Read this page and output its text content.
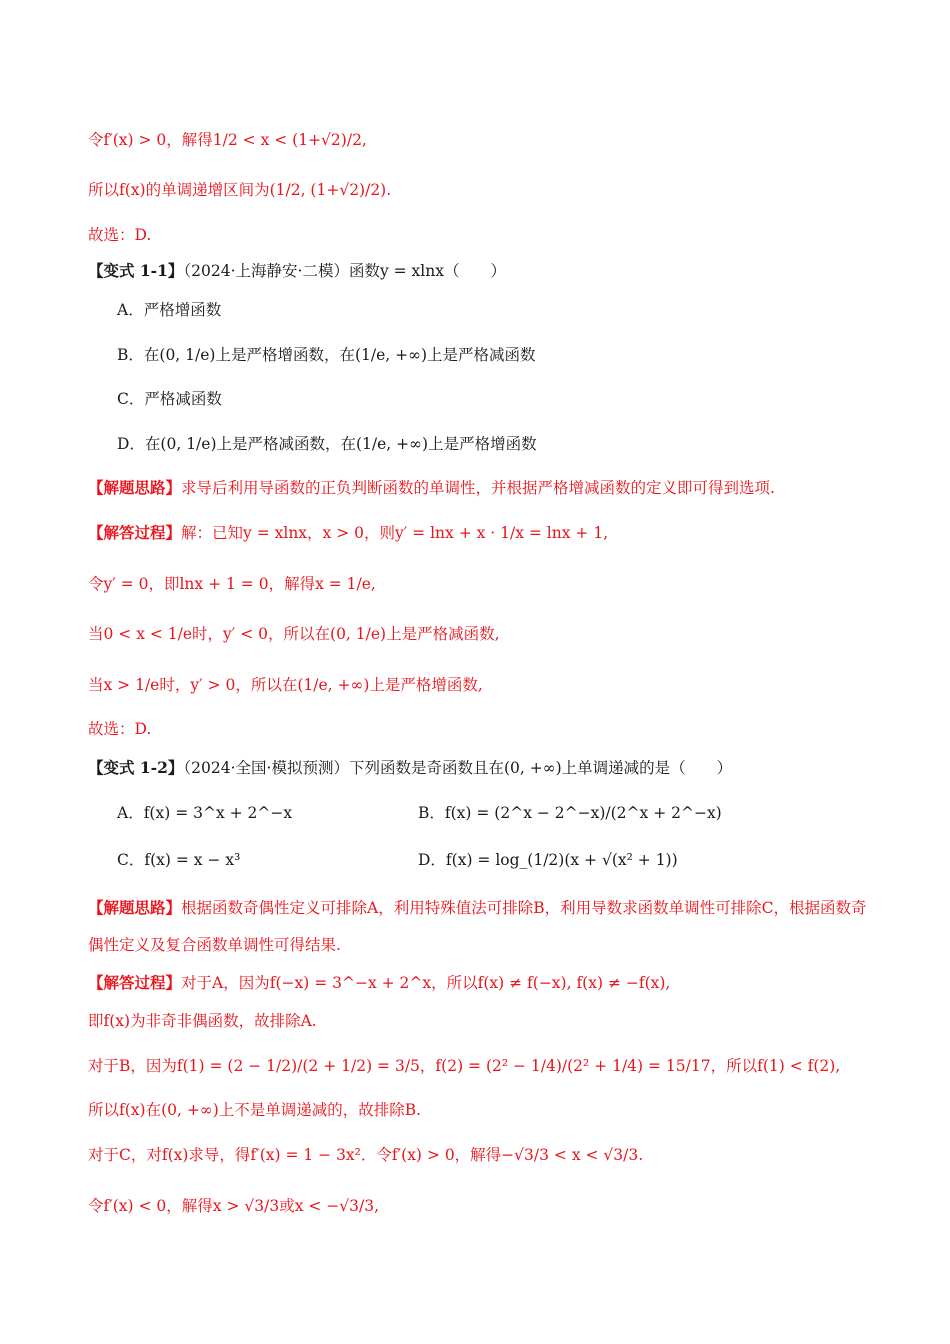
令f′(x) > 0，解得1/2 < x < (1+√2)/2,
所以f(x)的单调递增区间为(1/2, (1+√2)/2).
故选：D.
【变式 1-1】（2024·上海静安·二模）函数y = xlnx（　　）
A．严格增函数
B．在(0, 1/e)上是严格增函数，在(1/e, +∞)上是严格减函数
C．严格减函数
D．在(0, 1/e)上是严格减函数，在(1/e, +∞)上是严格增函数
【解题思路】求导后利用导函数的正负判断函数的单调性，并根据严格增减函数的定义即可得到选项.
【解答过程】解：已知y = xlnx，x > 0，则y′ = lnx + x · 1/x = lnx + 1,
令y′ = 0，即lnx + 1 = 0，解得x = 1/e,
当0 < x < 1/e时，y′ < 0，所以在(0, 1/e)上是严格减函数,
当x > 1/e时，y′ > 0，所以在(1/e, +∞)上是严格增函数,
故选：D.
【变式 1-2】（2024·全国·模拟预测）下列函数是奇函数且在(0, +∞)上单调递减的是（　　）
A．f(x) = 3^x + 2^−x	B．f(x) = (2^x − 2^−x)/(2^x + 2^−x)
C．f(x) = x − x³	D．f(x) = log_(1/2)(x + √(x² + 1))
【解题思路】根据函数奇偶性定义可排除A，利用特殊值法可排除B，利用导数求函数单调性可排除C，根据函数奇偶性定义及复合函数单调性可得结果.
【解答过程】对于A，因为f(−x) = 3^−x + 2^x，所以f(x) ≠ f(−x), f(x) ≠ −f(x),
即f(x)为非奇非偶函数，故排除A.
对于B，因为f(1) = (2 − 1/2)/(2 + 1/2) = 3/5，f(2) = (2² − 1/4)/(2² + 1/4) = 15/17，所以f(1) < f(2),
所以f(x)在(0, +∞)上不是单调递减的，故排除B.
对于C，对f(x)求导，得f′(x) = 1 − 3x²．令f′(x) > 0，解得−√3/3 < x < √3/3.
令f′(x) < 0，解得x > √3/3或x < −√3/3,
